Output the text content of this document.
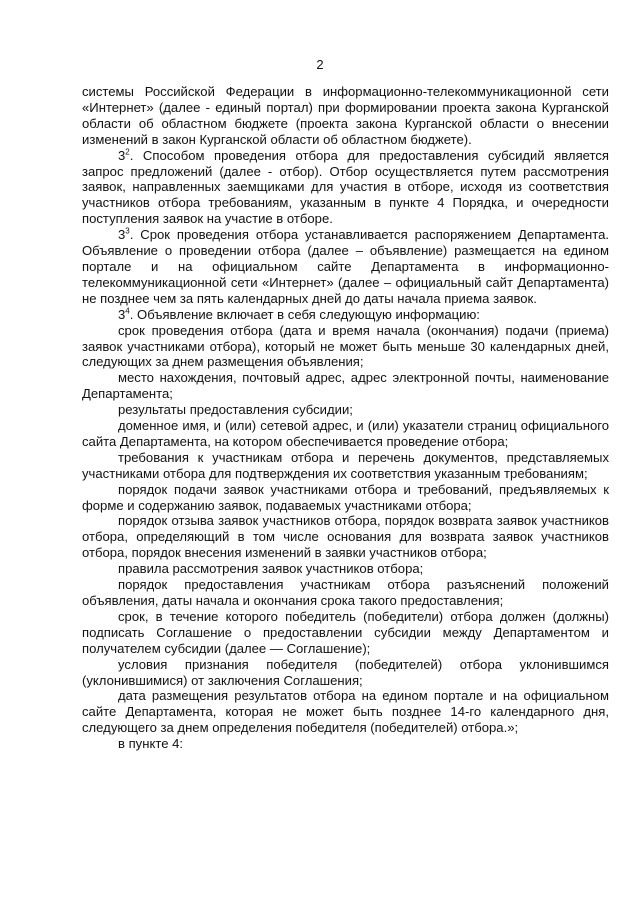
2

системы Российской Федерации в информационно-телекоммуникационной сети «Интернет» (далее - единый портал) при формировании проекта закона Курганской области об областном бюджете (проекта закона Курганской области о внесении изменений в закон Курганской области об областном бюджете).

$3^2$. Способом проведения отбора для предоставления субсидий является запрос предложений (далее - отбор). Отбор осуществляется путем рассмотрения заявок, направленных заемщиками для участия в отборе, исходя из соответствия участников отбора требованиям, указанным в пункте 4 Порядка, и очередности поступления заявок на участие в отборе.

$3^3$. Срок проведения отбора устанавливается распоряжением Департамента. Объявление о проведении отбора (далее – объявление) размещается на едином портале и на официальном сайте Департамента в информационно-телекоммуникационной сети «Интернет» (далее – официальный сайт Департамента) не позднее чем за пять календарных дней до даты начала приема заявок.

$3^4$. Объявление включает в себя следующую информацию:

срок проведения отбора (дата и время начала (окончания) подачи (приема) заявок участниками отбора), который не может быть меньше 30 календарных дней, следующих за днем размещения объявления;

место нахождения, почтовый адрес, адрес электронной почты, наименование Департамента;

результаты предоставления субсидии;

доменное имя, и (или) сетевой адрес, и (или) указатели страниц официального сайта Департамента, на котором обеспечивается проведение отбора;

требования к участникам отбора и перечень документов, представляемых участниками отбора для подтверждения их соответствия указанным требованиям;

порядок подачи заявок участниками отбора и требований, предъявляемых к форме и содержанию заявок, подаваемых участниками отбора;

порядок отзыва заявок участников отбора, порядок возврата заявок участников отбора, определяющий в том числе основания для возврата заявок участников отбора, порядок внесения изменений в заявки участников отбора;

правила рассмотрения заявок участников отбора;

порядок предоставления участникам отбора разъяснений положений объявления, даты начала и окончания срока такого предоставления;

срок, в течение которого победитель (победители) отбора должен (должны) подписать Соглашение о предоставлении субсидии между Департаментом и получателем субсидии (далее — Соглашение);

условия признания победителя (победителей) отбора уклонившимся (уклонившимися) от заключения Соглашения;

дата размещения результатов отбора на едином портале и на официальном сайте Департамента, которая не может быть позднее 14-го календарного дня, следующего за днем определения победителя (победителей) отбора.»;

в пункте 4:
